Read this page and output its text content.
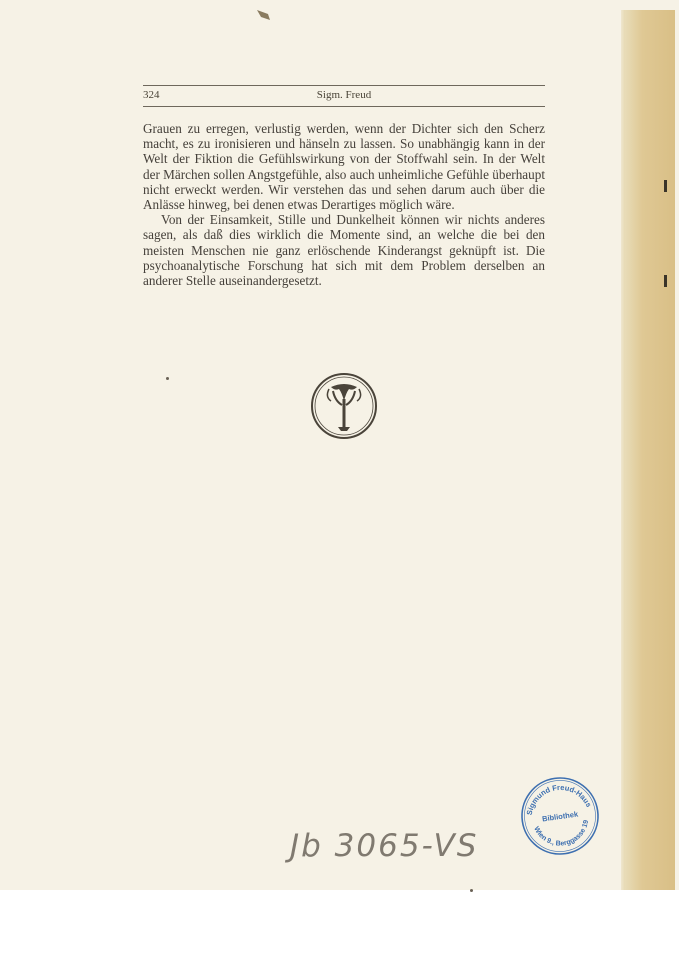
324	Sigm. Freud

Grauen zu erregen, verlustig werden, wenn der Dichter sich den Scherz macht, es zu ironisieren und hänseln zu lassen. So unabhängig kann in der Welt der Fiktion die Gefühlswirkung von der Stoffwahl sein. In der Welt der Märchen sollen Angstgefühle, also auch unheimliche Gefühle überhaupt nicht erweckt werden. Wir verstehen das und sehen darum auch über die Anlässe hinweg, bei denen etwas Derartiges möglich wäre.

Von der Einsamkeit, Stille und Dunkelheit können wir nichts anderes sagen, als daß dies wirklich die Momente sind, an welche die bei den meisten Menschen nie ganz erlöschende Kinderangst geknüpft ist. Die psychoanalytische Forschung hat sich mit dem Problem derselben an anderer Stelle auseinandergesetzt.

Sigmund Freud-Haus
Bibliothek
Wien 9., Berggasse 19
Jb 3065-VS
